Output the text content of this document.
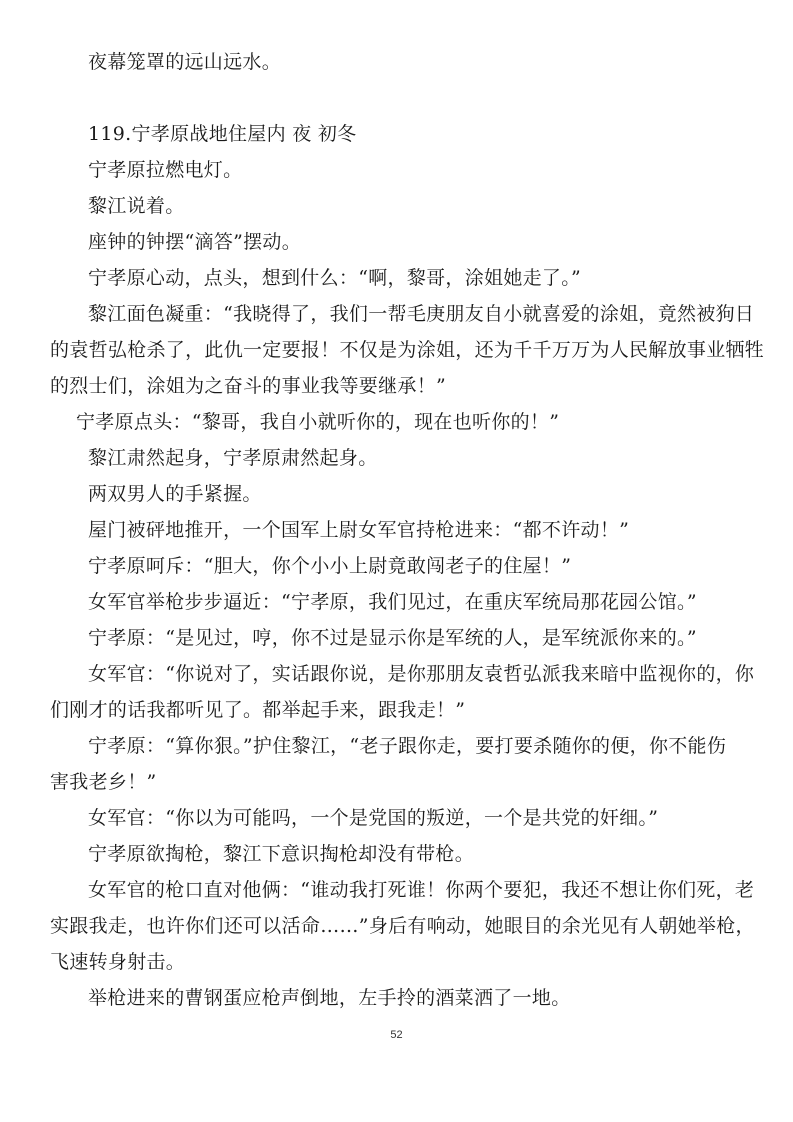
夜幕笼罩的远山远水。
119.宁孝原战地住屋内 夜 初冬
宁孝原拉燃电灯。
黎江说着。
座钟的钟摆“滴答”摆动。
宁孝原心动，点头，想到什么：“啊，黎哥，涂姐她走了。”
黎江面色凝重：“我晓得了，我们一帮毛庚朋友自小就喜爱的涂姐，竟然被狗日
的袁哲弘枪杀了，此仇一定要报！不仅是为涂姐，还为千千万万为人民解放事业牺牲
的烈士们，涂姐为之奋斗的事业我等要继承！”
宁孝原点头：“黎哥，我自小就听你的，现在也听你的！”
黎江肃然起身，宁孝原肃然起身。
两双男人的手紧握。
屋门被砰地推开，一个国军上尉女军官持枪进来：“都不许动！”
宁孝原呵斥：“胆大，你个小小上尉竟敢闯老子的住屋！”
女军官举枪步步逼近：“宁孝原，我们见过，在重庆军统局那花园公馆。”
宁孝原：“是见过，哼，你不过是显示你是军统的人，是军统派你来的。”
女军官：“你说对了，实话跟你说，是你那朋友袁哲弘派我来暗中监视你的，你
们刚才的话我都听见了。都举起手来，跟我走！”
宁孝原：“算你狠。”护住黎江，“老子跟你走，要打要杀随你的便，你不能伤
害我老乡！”
女军官：“你以为可能吗，一个是党国的叛逆，一个是共党的奸细。”
宁孝原欲掏枪，黎江下意识掏枪却没有带枪。
女军官的枪口直对他俩：“谁动我打死谁！你两个要犯，我还不想让你们死，老
实跟我走，也许你们还可以活命……”身后有响动，她眼目的余光见有人朝她举枪，
飞速转身射击。
举枪进来的曹钢蛋应枪声倒地，左手拎的酒菜洒了一地。
52
